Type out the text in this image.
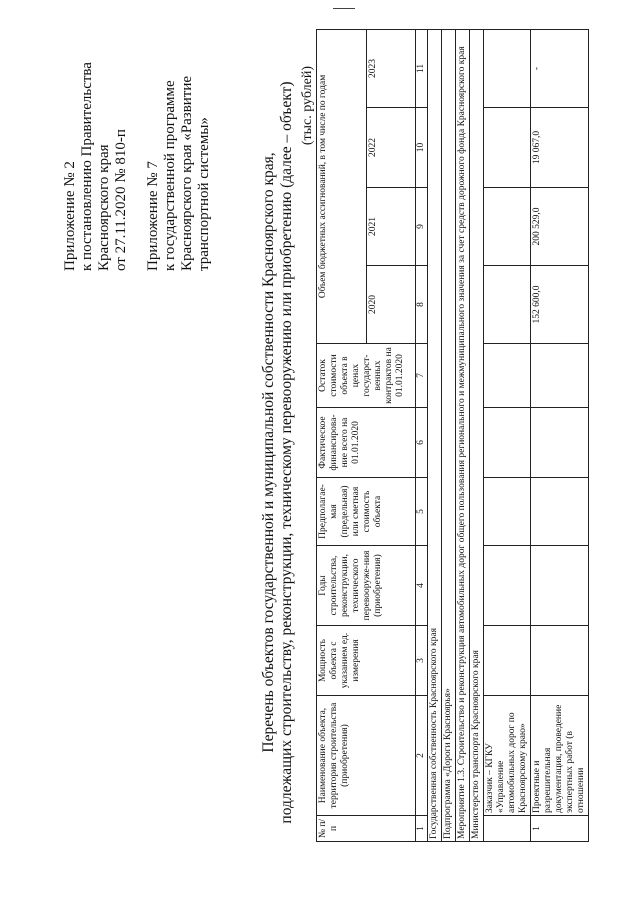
Приложение № 2 к постановлению Правительства Красноярского края от 27.11.2020 № 810-п Приложение № 7 к государственной программе Красноярского края «Развитие транспортной системы»	Перечень объектов государственной и муниципальной собственности Красноярского края, подлежащих строительству, реконструкции, техническому перевооружению или приобретению (далее – объект) (тыс. рублей)
№ п/п	Наименование объекта, территория строительства (приобретения)	Мощность объекта с указанием ед. измерения	Годы строительства, реконструкции, технического перевооруже-ния (приобретения)	Предполагае-мая (предельная) или сметная стоимость объекта	Фактическое финансирова-ние всего на 01.01.2020	Остаток стоимости объекта в ценах государст-венных контрактов на 01.01.2020	Объем бюджетных ассигнований, в том числе по годам			
							2020	2021	2022	2023
1	2	3	4	5	6	7	8	9	10	11
Государственная собственность Красноярского края										
Подпрограмма «Дороги Красноярья»										
Мероприятие 1.3. Строительство и реконструкция автомобильных дорог общего пользования регионального и межмуниципального значения за счет средств дорожного фонда Красноярского края										
Министерство транспорта Красноярского края										
	Заказчик – КГКУ «Управление автомобильных дорог по Красноярскому краю»									
1	Проектные и разрешительная документация, проведение экспертных работ (в отношении						152 600,0	200 529,0	19 067,0	-
